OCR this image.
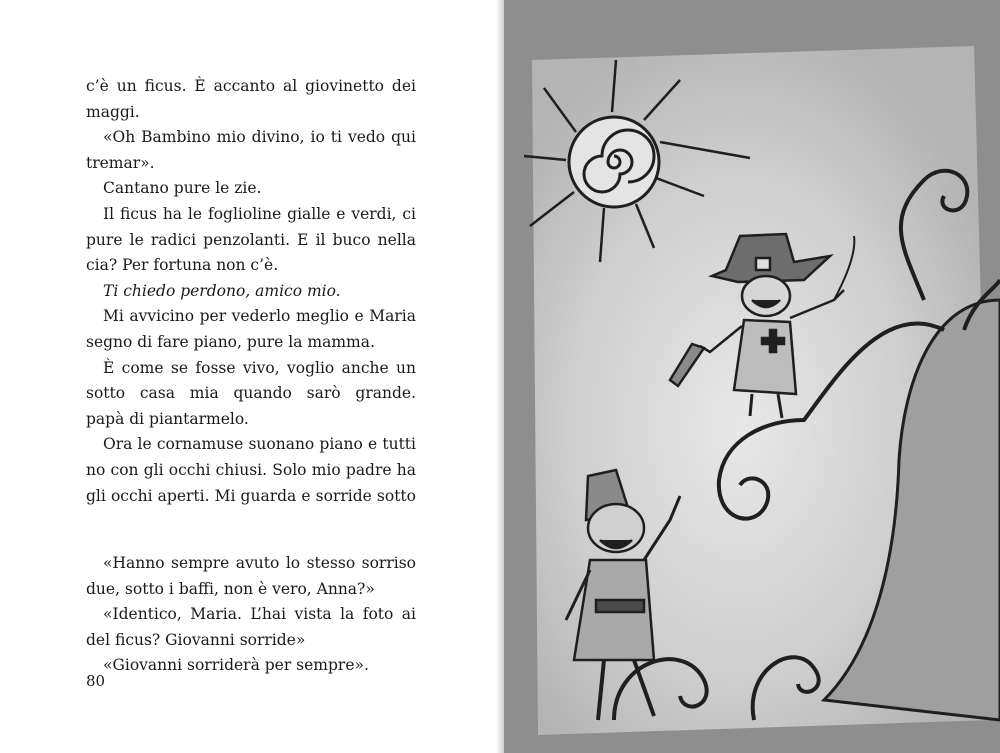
c’è un ficus. È accanto al giovinetto dei
maggi.
«Oh Bambino mio divino, io ti vedo qui
tremar».
Cantano pure le zie.
Il ficus ha le foglioline gialle e verdi, ci
pure le radici penzolanti. E il buco nella
cia? Per fortuna non c’è.
Ti chiedo perdono, amico mio.
Mi avvicino per vederlo meglio e Maria
segno di fare piano, pure la mamma.
È come se fosse vivo, voglio anche un
sotto casa mia quando sarò grande.
papà di piantarmelo.
Ora le cornamuse suonano piano e tutti
no con gli occhi chiusi. Solo mio padre ha
gli occhi aperti. Mi guarda e sorride sotto
«Hanno sempre avuto lo stesso sorriso
due, sotto i baffi, non è vero, Anna?»
«Identico, Maria. L’hai vista la foto ai
del ficus? Giovanni sorride»
«Giovanni sorriderà per sempre».
80
